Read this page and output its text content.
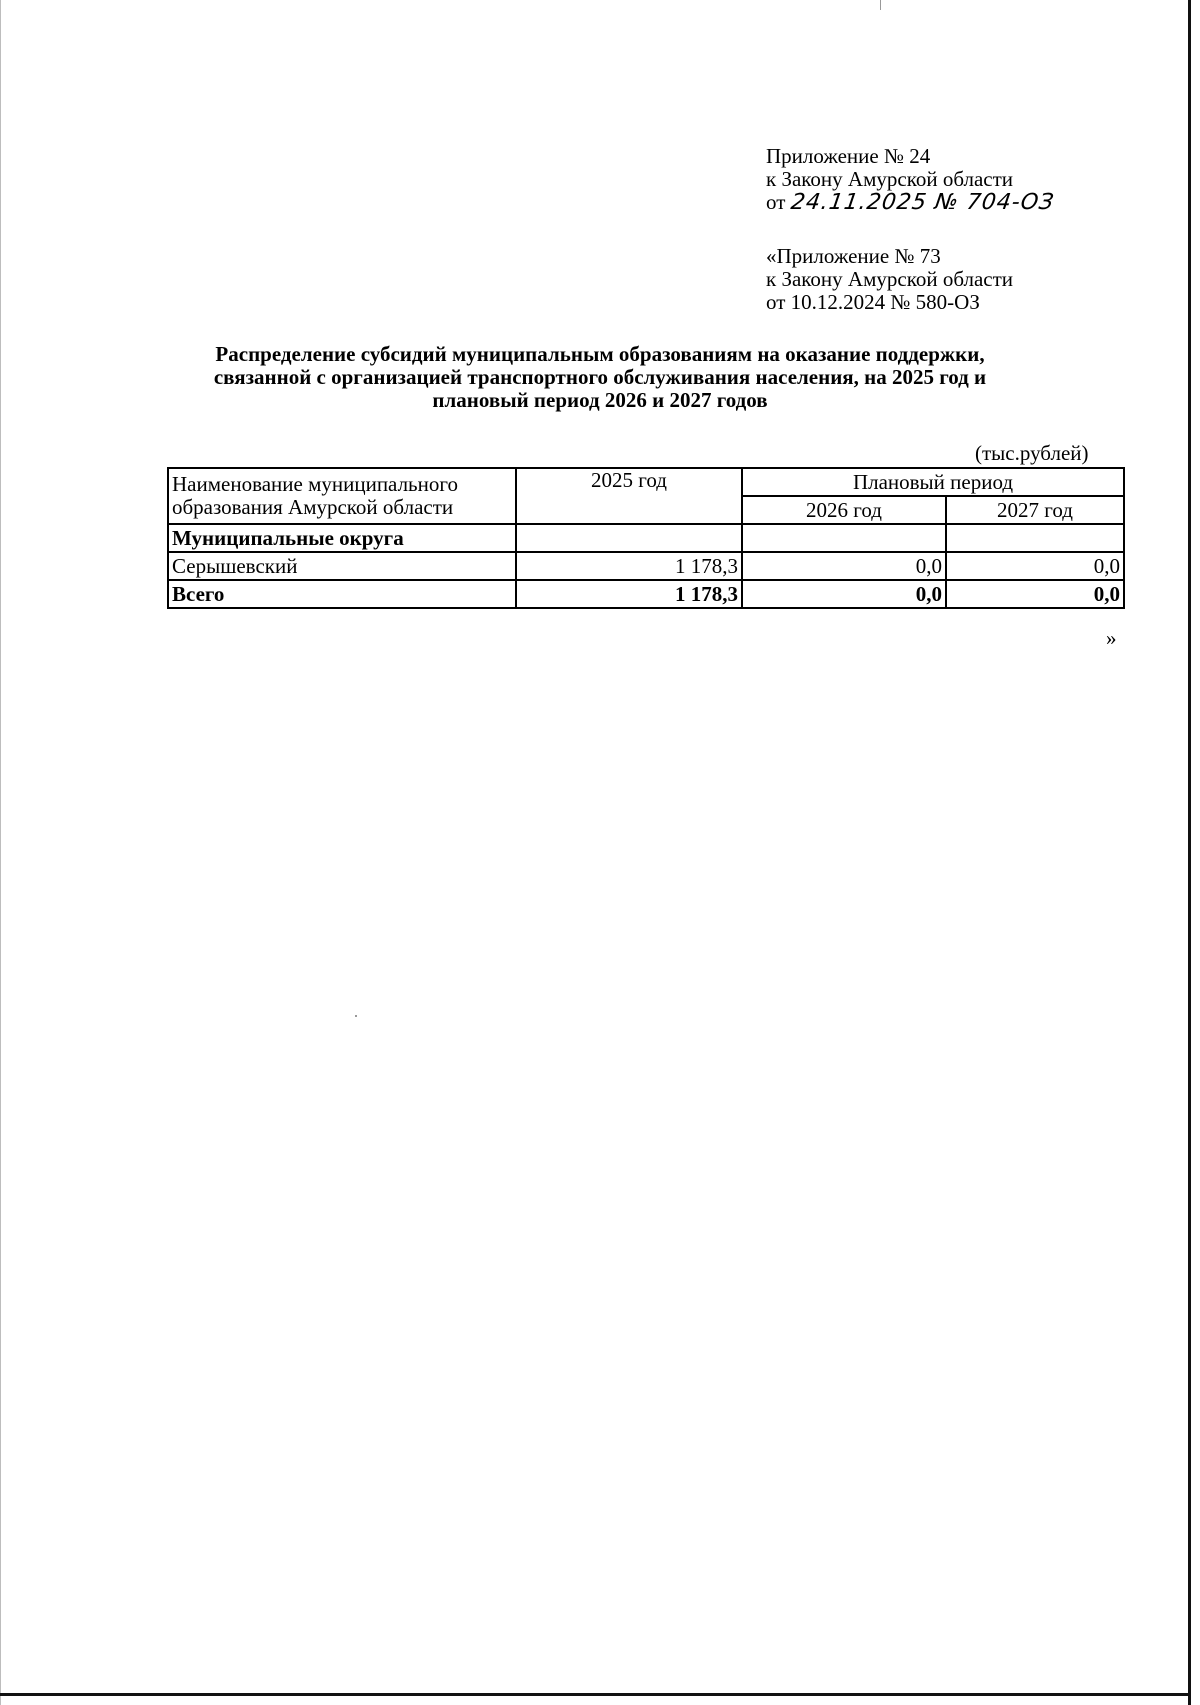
Приложение № 24
к Закону Амурской области
от 24.11.2025 № 704-ОЗ
«Приложение № 73
к Закону Амурской области
от 10.12.2024 № 580-ОЗ
Распределение субсидий муниципальным образованиям на оказание поддержки,
связанной с организацией транспортного обслуживания населения, на 2025 год и
плановый период 2026 и 2027 годов
(тыс.рублей)
Наименование муниципального
образования Амурской области	2025 год	Плановый период	
		2026 год	2027 год
Муниципальные округа			
Серышевский	1 178,3	0,0	0,0
Всего	1 178,3	0,0	0,0
»
